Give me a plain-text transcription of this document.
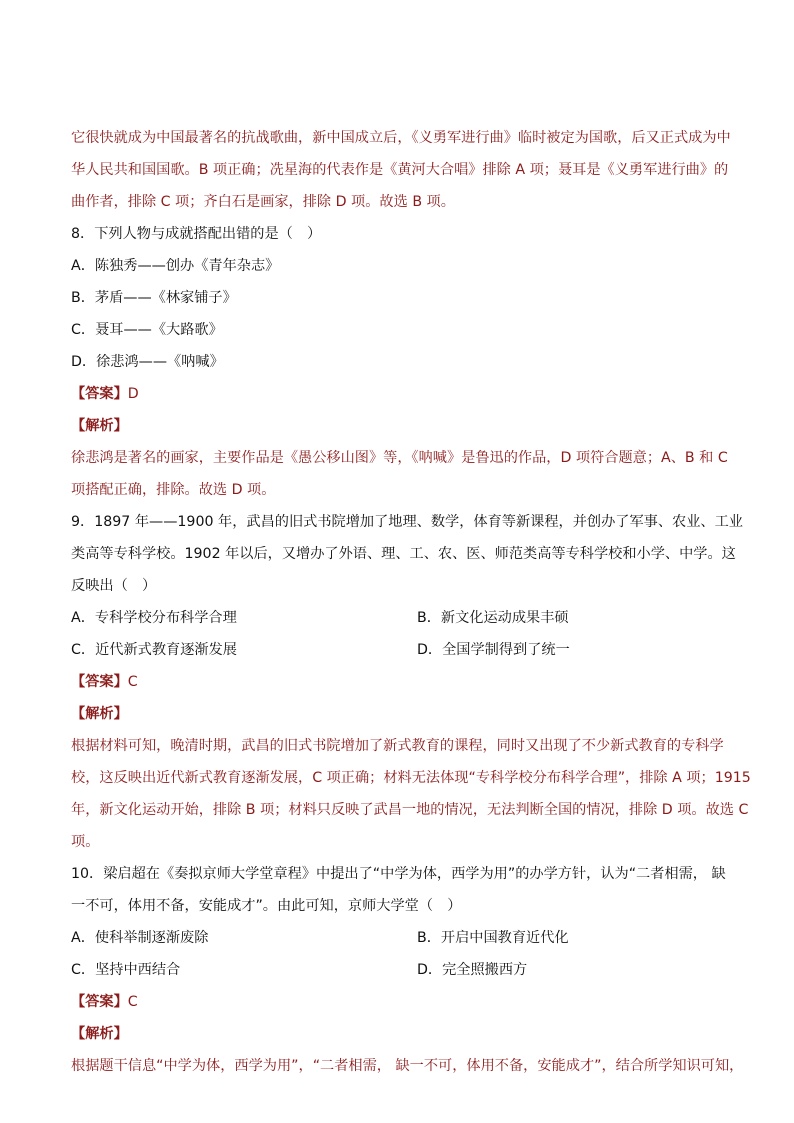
它很快就成为中国最著名的抗战歌曲，新中国成立后，《义勇军进行曲》临时被定为国歌，后又正式成为中
华人民共和国国歌。B 项正确；冼星海的代表作是《黄河大合唱》排除 A 项；聂耳是《义勇军进行曲》的
曲作者，排除 C 项；齐白石是画家，排除 D 项。故选 B 项。
8．下列人物与成就搭配出错的是（　）
A．陈独秀——创办《青年杂志》
B．茅盾——《林家铺子》
C．聂耳——《大路歌》
D．徐悲鸿——《呐喊》
【答案】D
【解析】
徐悲鸿是著名的画家，主要作品是《愚公移山图》等，《呐喊》是鲁迅的作品，D 项符合题意；A、B 和 C
项搭配正确，排除。故选 D 项。
9．1897 年——1900 年，武昌的旧式书院增加了地理、数学，体育等新课程，并创办了军事、农业、工业
类高等专科学校。1902 年以后，又增办了外语、理、工、农、医、师范类高等专科学校和小学、中学。这
反映出（　）
A．专科学校分布科学合理	B．新文化运动成果丰硕
C．近代新式教育逐渐发展	D．全国学制得到了统一
【答案】C
【解析】
根据材料可知，晚清时期，武昌的旧式书院增加了新式教育的课程，同时又出现了不少新式教育的专科学
校，这反映出近代新式教育逐渐发展，C 项正确；材料无法体现“专科学校分布科学合理”，排除 A 项；1915
年，新文化运动开始，排除 B 项；材料只反映了武昌一地的情况，无法判断全国的情况，排除 D 项。故选 C
项。
10．梁启超在《奏拟京师大学堂章程》中提出了“中学为体，西学为用”的办学方针，认为“二者相需， 缺
一不可，体用不备，安能成才”。由此可知，京师大学堂（　）
A．使科举制逐渐废除	B．开启中国教育近代化
C．坚持中西结合	D．完全照搬西方
【答案】C
【解析】
根据题干信息“中学为体，西学为用”，“二者相需， 缺一不可，体用不备，安能成才”，结合所学知识可知，
